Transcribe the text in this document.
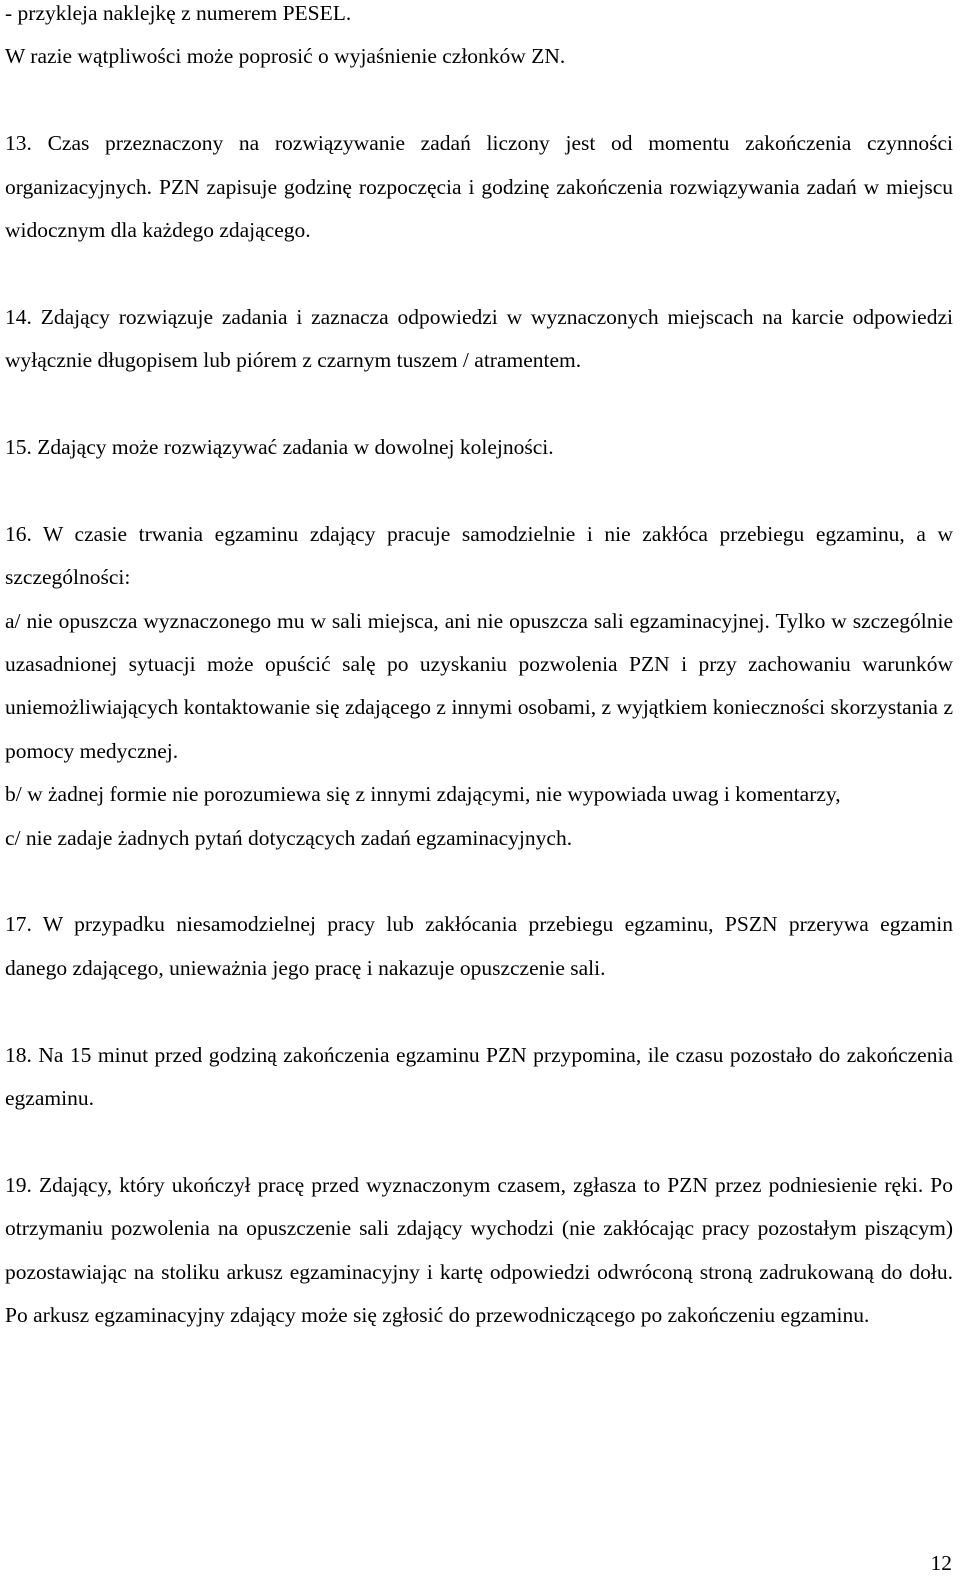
- przykleja naklejkę z numerem PESEL.

W razie wątpliwości może poprosić o wyjaśnienie członków ZN.

13. Czas przeznaczony na rozwiązywanie zadań liczony jest od momentu zakończenia czynności organizacyjnych. PZN zapisuje godzinę rozpoczęcia i godzinę zakończenia rozwiązywania zadań w miejscu widocznym dla każdego zdającego.

14. Zdający rozwiązuje zadania i zaznacza odpowiedzi w wyznaczonych miejscach na karcie odpowiedzi wyłącznie długopisem lub piórem z czarnym tuszem / atramentem.

15. Zdający może rozwiązywać zadania w dowolnej kolejności.

16. W czasie trwania egzaminu zdający pracuje samodzielnie i nie zakłóca przebiegu egzaminu, a w szczególności:

a/ nie opuszcza wyznaczonego mu w sali miejsca, ani nie opuszcza sali egzaminacyjnej. Tylko w szczególnie uzasadnionej sytuacji może opuścić salę po uzyskaniu pozwolenia PZN i przy zachowaniu warunków uniemożliwiających kontaktowanie się zdającego z innymi osobami, z wyjątkiem konieczności skorzystania z pomocy medycznej.

b/ w żadnej formie nie porozumiewa się z innymi zdającymi, nie wypowiada uwag i komentarzy,

c/ nie zadaje żadnych pytań dotyczących zadań egzaminacyjnych.

17. W przypadku niesamodzielnej pracy lub zakłócania przebiegu egzaminu, PSZN przerywa egzamin danego zdającego, unieważnia jego pracę i nakazuje opuszczenie sali.

18. Na 15 minut przed godziną zakończenia egzaminu PZN przypomina, ile czasu pozostało do zakończenia egzaminu.

19. Zdający, który ukończył pracę przed wyznaczonym czasem, zgłasza to PZN przez podniesienie ręki. Po otrzymaniu pozwolenia na opuszczenie sali zdający wychodzi (nie zakłócając pracy pozostałym piszącym) pozostawiając na stoliku arkusz egzaminacyjny i kartę odpowiedzi odwróconą stroną zadrukowaną do dołu. Po arkusz egzaminacyjny zdający może się zgłosić do przewodniczącego po zakończeniu egzaminu.

12
